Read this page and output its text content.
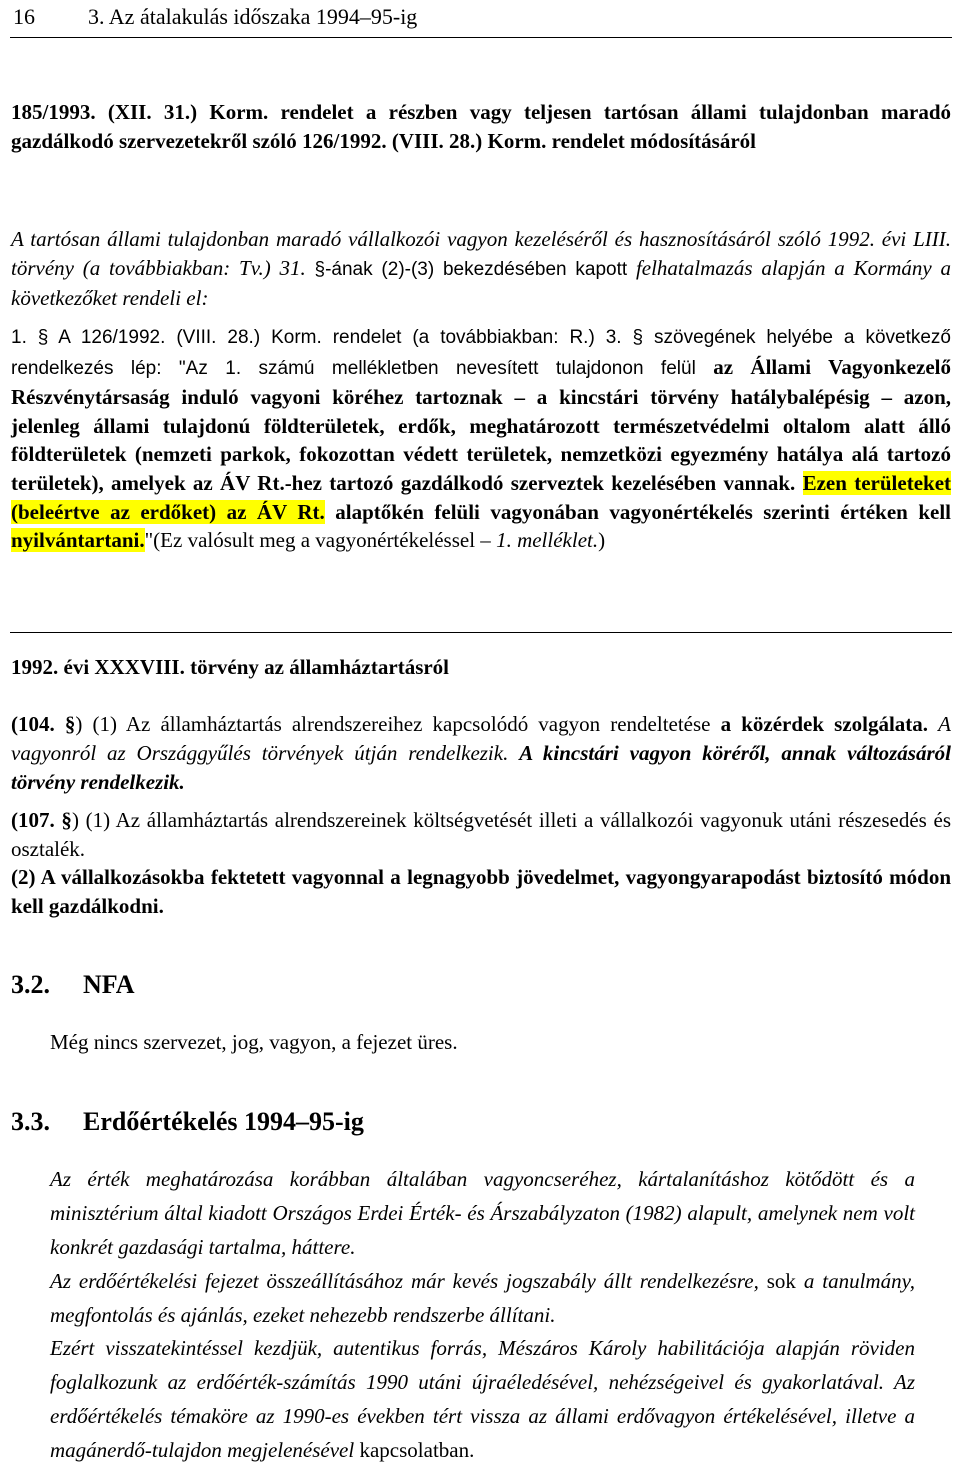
16 3. Az átalakulás időszaka 1994–95-ig

185/1993. (XII. 31.) Korm. rendelet a részben vagy teljesen tartósan állami tulajdonban maradó gazdálkodó szervezetekről szóló 126/1992. (VIII. 28.) Korm. rendelet módosításáról

A tartósan állami tulajdonban maradó vállalkozói vagyon kezeléséről és hasznosításáról szóló 1992. évi LIII. törvény (a továbbiakban: Tv.) 31. §-ának (2)-(3) bekezdésében kapott felhatalmazás alapján a Kormány a következőket rendeli el:

1. § A 126/1992. (VIII. 28.) Korm. rendelet (a továbbiakban: R.) 3. § szövegének helyébe a következő rendelkezés lép: "Az 1. számú mellékletben nevesített tulajdonon felül az Állami Vagyonkezelő Részvénytársaság induló vagyoni köréhez tartoznak – a kincstári törvény hatálybalépésig – azon, jelenleg állami tulajdonú földterületek, erdők, meghatározott természetvédelmi oltalom alatt álló földterületek (nemzeti parkok, fokozottan védett területek, nemzetközi egyezmény hatálya alá tartozó területek), amelyek az ÁV Rt.-hez tartozó gazdálkodó szerveztek kezelésében vannak. Ezen területeket (beleértve az erdőket) az ÁV Rt. alaptőkén felüli vagyonában vagyonértékelés szerinti értéken kell nyilvántartani."(Ez valósult meg a vagyonértékeléssel – 1. melléklet.)

1992. évi XXXVIII. törvény az államháztartásról

(104. §) (1) Az államháztartás alrendszereihez kapcsolódó vagyon rendeltetése a közérdek szolgálata. A vagyonról az Országgyűlés törvények útján rendelkezik. A kincstári vagyon köréről, annak változásáról törvény rendelkezik.

(107. §) (1) Az államháztartás alrendszereinek költségvetését illeti a vállalkozói vagyonuk utáni részesedés és osztalék.

(2) A vállalkozásokba fektetett vagyonnal a legnagyobb jövedelmet, vagyongyarapodást biztosító módon kell gazdálkodni.

3.2. NFA

Még nincs szervezet, jog, vagyon, a fejezet üres.

3.3. Erdőértékelés 1994–95-ig

Az érték meghatározása korábban általában vagyoncseréhez, kártalanításhoz kötődött és a minisztérium által kiadott Országos Erdei Érték- és Árszabályzaton (1982) alapult, amelynek nem volt konkrét gazdasági tartalma, háttere.

Az erdőértékelési fejezet összeállításához már kevés jogszabály állt rendelkezésre, sok a tanulmány, megfontolás és ajánlás, ezeket nehezebb rendszerbe állítani.

Ezért visszatekintéssel kezdjük, autentikus forrás, Mészáros Károly habilitációja alapján röviden foglalkozunk az erdőérték-számítás 1990 utáni újraéledésével, nehézségeivel és gyakorlatával. Az erdőértékelés témaköre az 1990-es években tért vissza az állami erdővagyon értékelésével, illetve a magánerdő-tulajdon megjelenésével kapcsolatban.
